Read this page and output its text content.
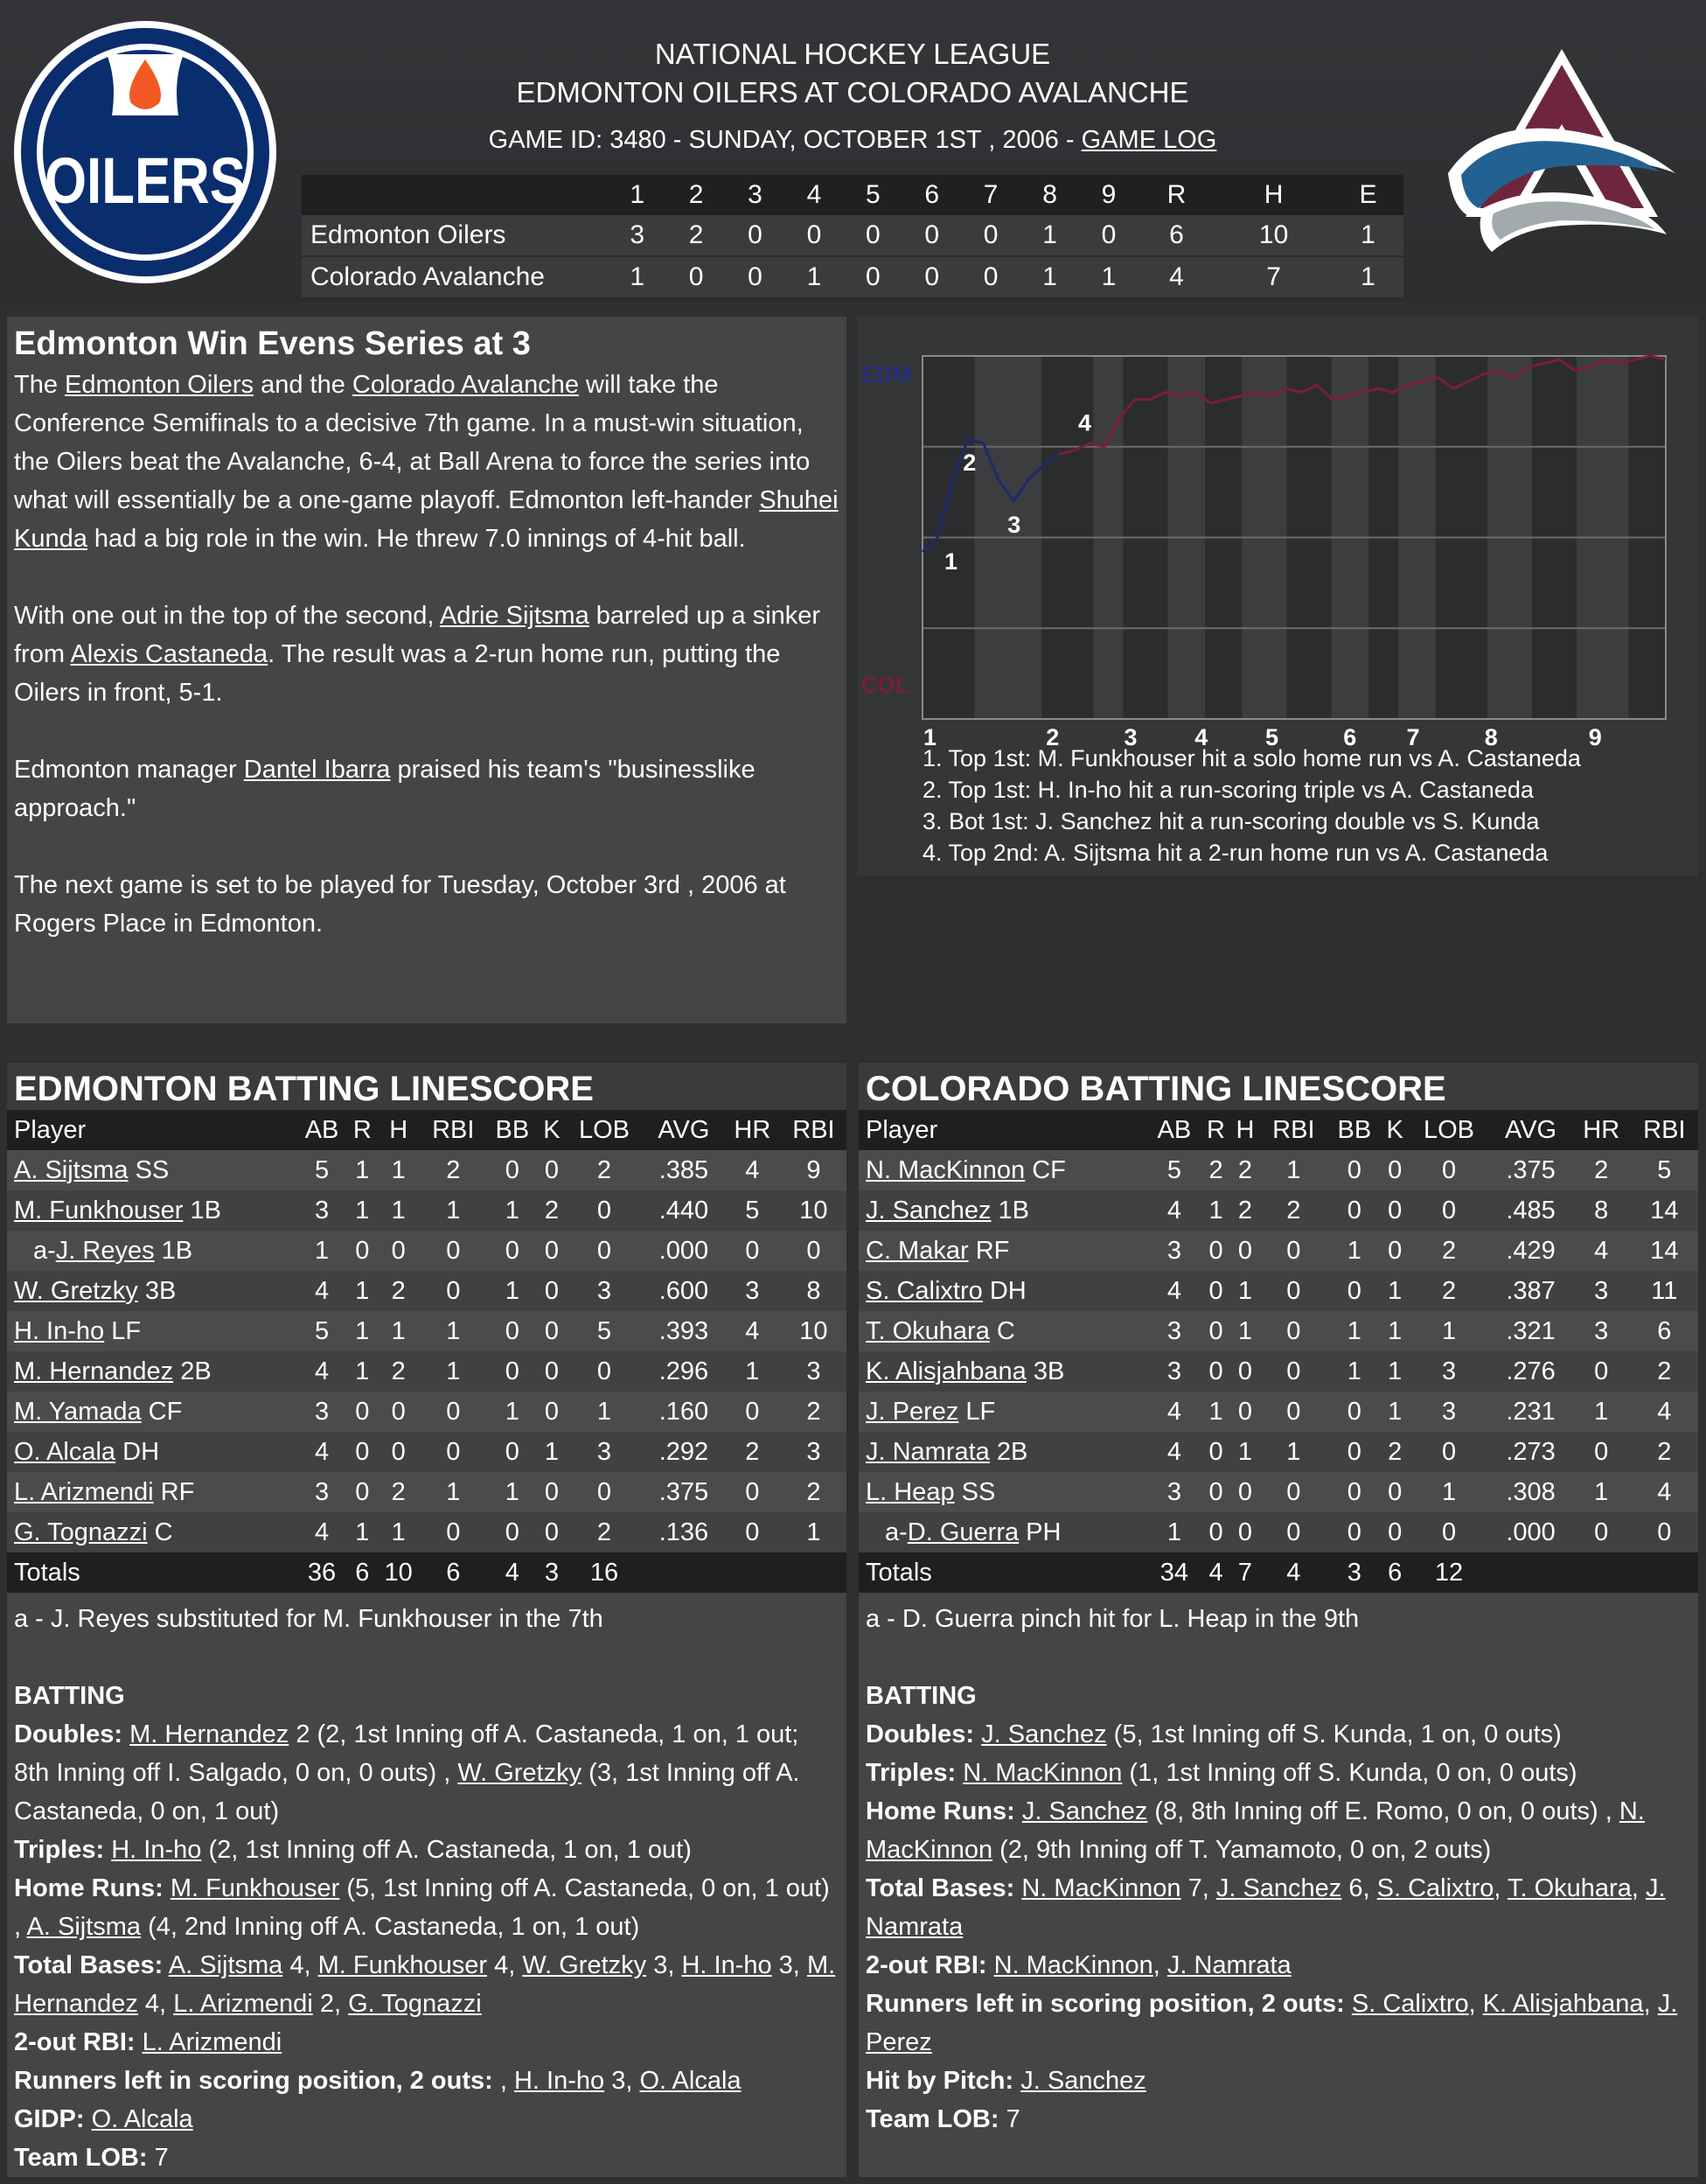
OILERS
NATIONAL HOCKEY LEAGUE
EDMONTON OILERS AT COLORADO AVALANCHE
GAME ID: 3480 - SUNDAY, OCTOBER 1ST , 2006 - GAME LOG
	1	2	3	4	5	6	7	8	9	R	H	E
Edmonton Oilers	3	2	0	0	0	0	0	1	0	6	10	1
Colorado Avalanche	1	0	0	1	0	0	0	1	1	4	7	1
Edmonton Win Evens Series at 3

The Edmonton Oilers and the Colorado Avalanche will take the Conference Semifinals to a decisive 7th game. In a must-win situation, the Oilers beat the Avalanche, 6-4, at Ball Arena to force the series into what will essentially be a one-game playoff. Edmonton left-hander Shuhei Kunda had a big role in the win. He threw 7.0 innings of 4-hit ball.

With one out in the top of the second, Adrie Sijtsma barreled up a sinker from Alexis Castaneda. The result was a 2-run home run, putting the Oilers in front, 5-1.

Edmonton manager Dantel Ibarra praised his team's "businesslike approach."

The next game is set to be played for Tuesday, October 3rd , 2006 at Rogers Place in Edmonton.

EDM
COL
1	2	3 4 5	6 7	8	9
1
2
3
4
1. Top 1st: M. Funkhouser hit a solo home run vs A. Castaneda
2. Top 1st: H. In-ho hit a run-scoring triple vs A. Castaneda
3. Bot 1st: J. Sanchez hit a run-scoring double vs S. Kunda
4. Top 2nd: A. Sijtsma hit a 2-run home run vs A. Castaneda
EDMONTON BATTING LINESCORE
Player	AB	R	H	RBI	BB	K	LOB	AVG	HR	RBI
A. Sijtsma SS	5	1	1	2	0	0	2	.385	4	9
M. Funkhouser 1B	3	1	1	1	1	2	0	.440	5	10
a-J. Reyes 1B	1	0	0	0	0	0	0	.000	0	0
W. Gretzky 3B	4	1	2	0	1	0	3	.600	3	8
H. In-ho LF	5	1	1	1	0	0	5	.393	4	10
M. Hernandez 2B	4	1	2	1	0	0	0	.296	1	3
M. Yamada CF	3	0	0	0	1	0	1	.160	0	2
O. Alcala DH	4	0	0	0	0	1	3	.292	2	3
L. Arizmendi RF	3	0	2	1	1	0	0	.375	0	2
G. Tognazzi C	4	1	1	0	0	0	2	.136	0	1
Totals	36	6	10	6	4	3	16			
a - J. Reyes substituted for M. Funkhouser in the 7th
BATTING
Doubles: M. Hernandez 2 (2, 1st Inning off A. Castaneda, 1 on, 1 out; 8th Inning off I. Salgado, 0 on, 0 outs) , W. Gretzky (3, 1st Inning off A. Castaneda, 0 on, 1 out)
Triples: H. In-ho (2, 1st Inning off A. Castaneda, 1 on, 1 out)
Home Runs: M. Funkhouser (5, 1st Inning off A. Castaneda, 0 on, 1 out) , A. Sijtsma (4, 2nd Inning off A. Castaneda, 1 on, 1 out)
Total Bases: A. Sijtsma 4, M. Funkhouser 4, W. Gretzky 3, H. In-ho 3, M. Hernandez 4, L. Arizmendi 2, G. Tognazzi
2-out RBI: L. Arizmendi
Runners left in scoring position, 2 outs: , H. In-ho 3, O. Alcala
GIDP: O. Alcala
Team LOB: 7
COLORADO BATTING LINESCORE
Player	AB	R	H	RBI	BB	K	LOB	AVG	HR	RBI
N. MacKinnon CF	5	2	2	1	0	0	0	.375	2	5
J. Sanchez 1B	4	1	2	2	0	0	0	.485	8	14
C. Makar RF	3	0	0	0	1	0	2	.429	4	14
S. Calixtro DH	4	0	1	0	0	1	2	.387	3	11
T. Okuhara C	3	0	1	0	1	1	1	.321	3	6
K. Alisjahbana 3B	3	0	0	0	1	1	3	.276	0	2
J. Perez LF	4	1	0	0	0	1	3	.231	1	4
J. Namrata 2B	4	0	1	1	0	2	0	.273	0	2
L. Heap SS	3	0	0	0	0	0	1	.308	1	4
a-D. Guerra PH	1	0	0	0	0	0	0	.000	0	0
Totals	34	4	7	4	3	6	12			
a - D. Guerra pinch hit for L. Heap in the 9th
BATTING
Doubles: J. Sanchez (5, 1st Inning off S. Kunda, 1 on, 0 outs)
Triples: N. MacKinnon (1, 1st Inning off S. Kunda, 0 on, 0 outs)
Home Runs: J. Sanchez (8, 8th Inning off E. Romo, 0 on, 0 outs) , N. MacKinnon (2, 9th Inning off T. Yamamoto, 0 on, 2 outs)
Total Bases: N. MacKinnon 7, J. Sanchez 6, S. Calixtro, T. Okuhara, J. Namrata
2-out RBI: N. MacKinnon, J. Namrata
Runners left in scoring position, 2 outs: S. Calixtro, K. Alisjahbana, J. Perez
Hit by Pitch: J. Sanchez
Team LOB: 7
